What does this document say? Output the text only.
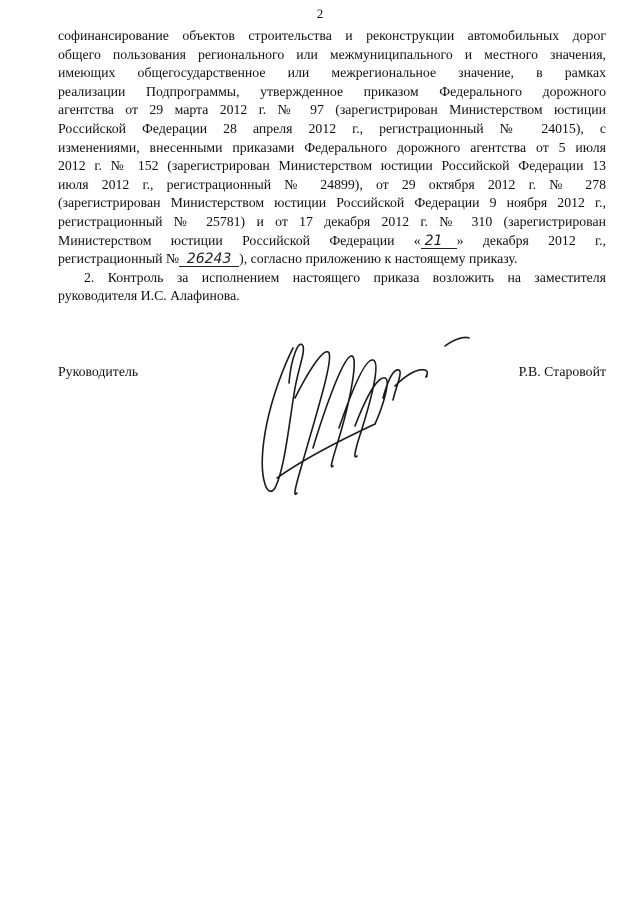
2
софинансирование объектов строительства и реконструкции автомобильных дорог
общего пользования регионального или межмуниципального и местного значения,
имеющих общегосударственное или межрегиональное значение, в рамках
реализации Подпрограммы, утвержденное приказом Федерального дорожного
агентства от 29 марта 2012 г. № 97 (зарегистрирован Министерством юстиции
Российской Федерации 28 апреля 2012 г., регистрационный № 24015), с
изменениями, внесенными приказами Федерального дорожного агентства от 5 июля
2012 г. № 152 (зарегистрирован Министерством юстиции Российской Федерации 13
июля 2012 г., регистрационный № 24899), от 29 октября 2012 г. № 278
(зарегистрирован Министерством юстиции Российской Федерации 9 ноября 2012 г.,
регистрационный № 25781) и от 17 декабря 2012 г. № 310 (зарегистрирован
Министерством юстиции Российской Федерации « 21 » декабря 2012 г.,
регистрационный № 26243 ), согласно приложению к настоящему приказу.
2. Контроль за исполнением настоящего приказа возложить на заместителя
руководителя И.С. Алафинова.
Руководитель	Р.В. Старовойт
